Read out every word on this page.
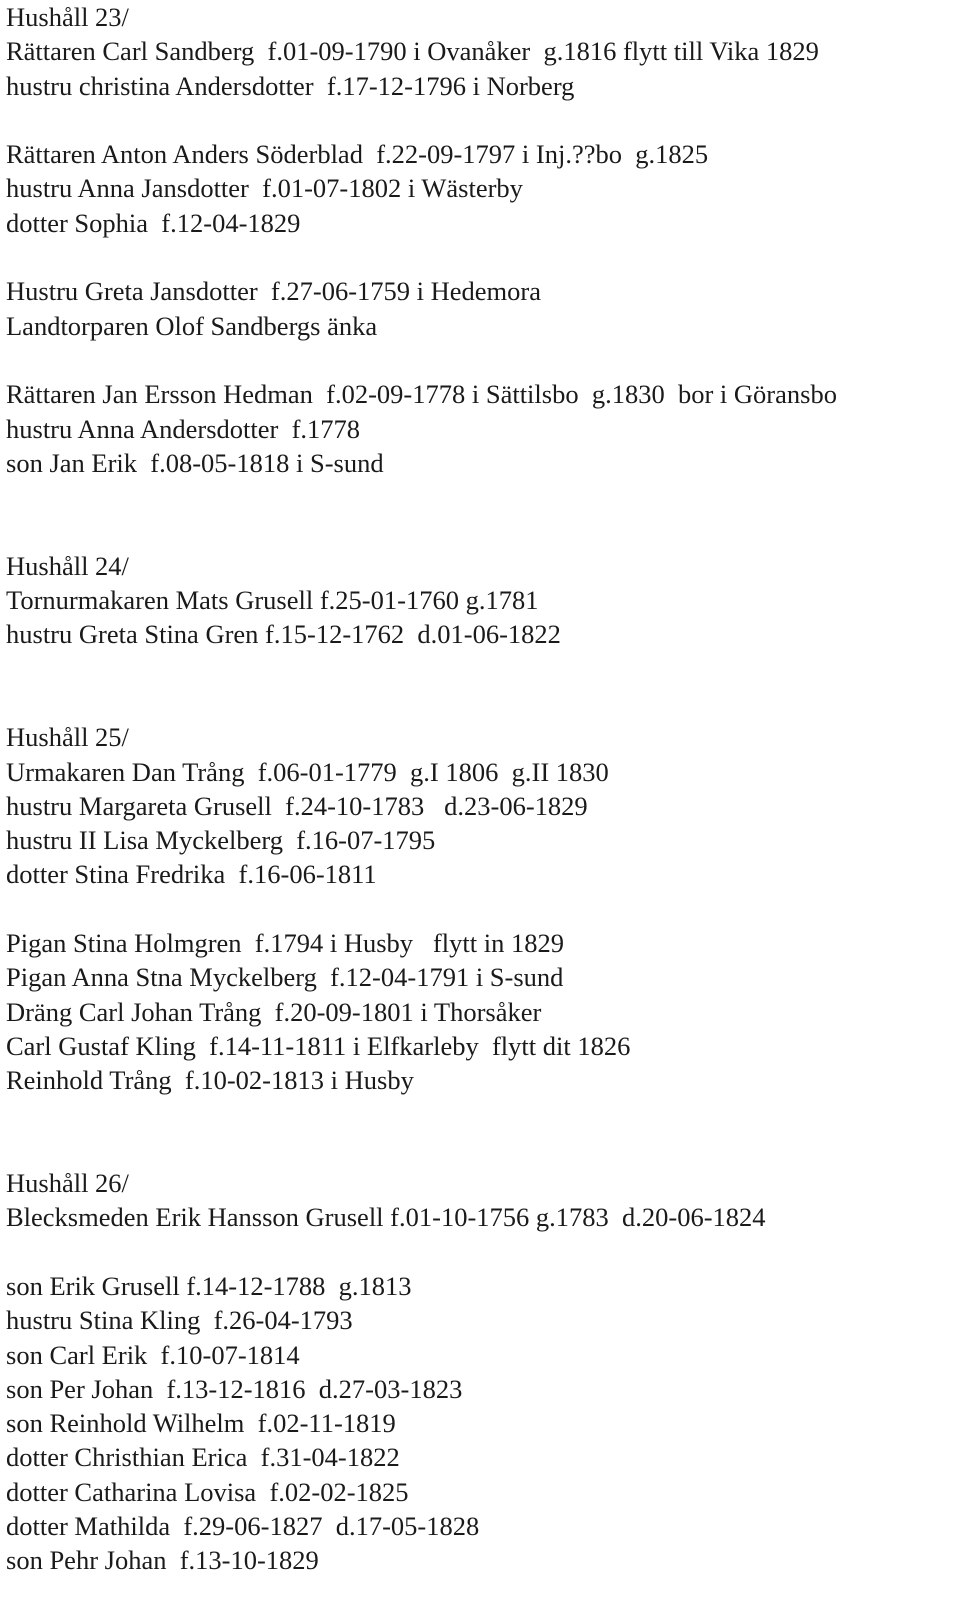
Hushåll 23/

Rättaren Carl Sandberg  f.01-09-1790 i Ovanåker  g.1816 flytt till Vika 1829

hustru christina Andersdotter  f.17-12-1796 i Norberg

Rättaren Anton Anders Söderblad  f.22-09-1797 i Inj.??bo  g.1825

hustru Anna Jansdotter  f.01-07-1802 i Wästerby

dotter Sophia  f.12-04-1829

Hustru Greta Jansdotter  f.27-06-1759 i Hedemora

Landtorparen Olof Sandbergs änka

Rättaren Jan Ersson Hedman  f.02-09-1778 i Sättilsbo  g.1830  bor i Göransbo

hustru Anna Andersdotter  f.1778

son Jan Erik  f.08-05-1818 i S-sund

Hushåll 24/

Tornurmakaren Mats Grusell f.25-01-1760 g.1781

hustru Greta Stina Gren f.15-12-1762  d.01-06-1822

Hushåll 25/

Urmakaren Dan Trång  f.06-01-1779  g.I 1806  g.II 1830

hustru Margareta Grusell  f.24-10-1783   d.23-06-1829

hustru II Lisa Myckelberg  f.16-07-1795

dotter Stina Fredrika  f.16-06-1811

Pigan Stina Holmgren  f.1794 i Husby   flytt in 1829

Pigan Anna Stna Myckelberg  f.12-04-1791 i S-sund

Dräng Carl Johan Trång  f.20-09-1801 i Thorsåker

Carl Gustaf Kling  f.14-11-1811 i Elfkarleby  flytt dit 1826

Reinhold Trång  f.10-02-1813 i Husby

Hushåll 26/

Blecksmeden Erik Hansson Grusell f.01-10-1756 g.1783  d.20-06-1824

son Erik Grusell f.14-12-1788  g.1813

hustru Stina Kling  f.26-04-1793

son Carl Erik  f.10-07-1814

son Per Johan  f.13-12-1816  d.27-03-1823

son Reinhold Wilhelm  f.02-11-1819

dotter Christhian Erica  f.31-04-1822

dotter Catharina Lovisa  f.02-02-1825

dotter Mathilda  f.29-06-1827  d.17-05-1828

son Pehr Johan  f.13-10-1829
